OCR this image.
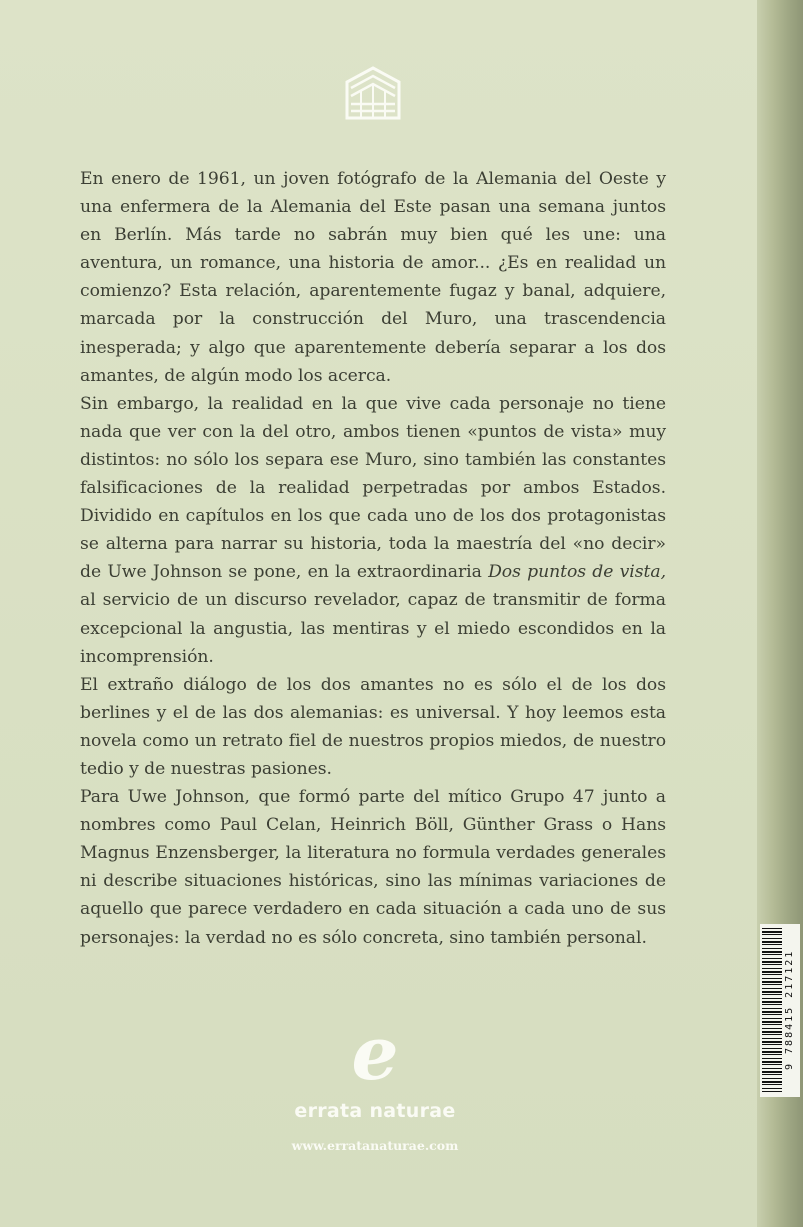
En enero de 1961, un joven fotógrafo de la Alemania del Oeste y una enfermera de la Alemania del Este pasan una semana juntos en Berlín. Más tarde no sabrán muy bien qué les une: una aventura, un romance, una historia de amor... ¿Es en realidad un comienzo? Esta relación, aparentemente fugaz y banal, adquiere, marcada por la construcción del Muro, una trascendencia inesperada; y algo que aparentemente debería separar a los dos amantes, de algún modo los acerca.

Sin embargo, la realidad en la que vive cada personaje no tiene nada que ver con la del otro, ambos tienen «puntos de vista» muy distintos: no sólo los separa ese Muro, sino también las constantes falsificaciones de la realidad perpetradas por ambos Estados. Dividido en capítulos en los que cada uno de los dos protagonistas se alterna para narrar su historia, toda la maestría del «no decir» de Uwe Johnson se pone, en la extraordinaria Dos puntos de vista, al servicio de un discurso revelador, capaz de transmitir de forma excepcional la angustia, las mentiras y el miedo escondidos en la incomprensión.

El extraño diálogo de los dos amantes no es sólo el de los dos berlines y el de las dos alemanias: es universal. Y hoy leemos esta novela como un retrato fiel de nuestros propios miedos, de nuestro tedio y de nuestras pasiones.

Para Uwe Johnson, que formó parte del mítico Grupo 47 junto a nombres como Paul Celan, Heinrich Böll, Günther Grass o Hans Magnus Enzensberger, la literatura no formula verdades generales ni describe situaciones históricas, sino las mínimas variaciones de aquello que parece verdadero en cada situación a cada uno de sus personajes: la verdad no es sólo concreta, sino también personal.

9 788415 217121
e
errata naturae
www.erratanaturae.com
